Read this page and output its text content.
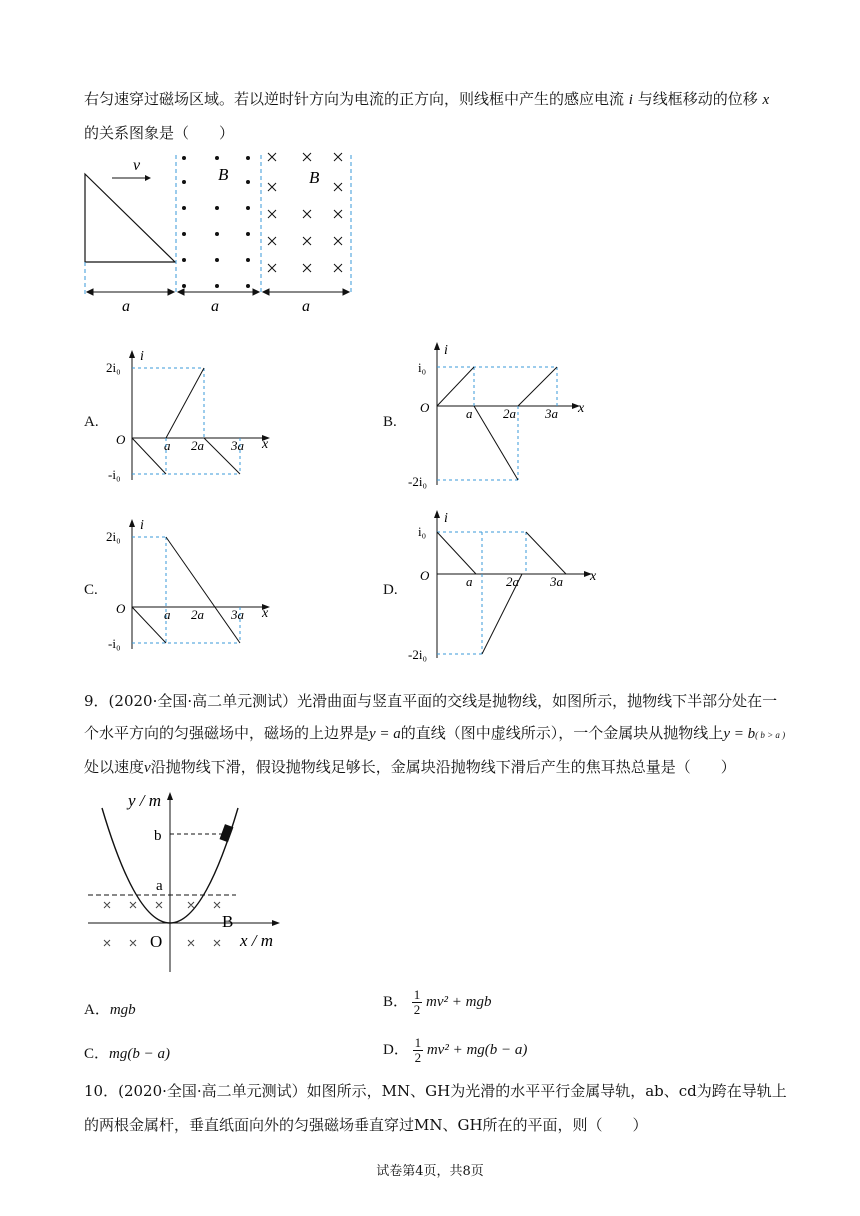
右匀速穿过磁场区域。若以逆时针方向为电流的正方向，则线框中产生的感应电流 i 与线框移动的位移 x
的关系图象是（　　）
v	B	B
a	a	a
A.
i
x
2i₀
O	a 2a 3a
-i₀
B.
i
x
i₀
O	a 2a 3a
-2i₀
C.
i
x
2i₀
O	a 2a 3a
-i₀
D.
i
x
i₀
O	a	2a 3a
-2i₀
9．(2020·全国·高二单元测试）光滑曲面与竖直平面的交线是抛物线，如图所示，抛物线下半部分处在一
个水平方向的匀强磁场中，磁场的上边界是y = a的直线（图中虚线所示），一个金属块从抛物线上y = b( b > a )
处以速度v沿抛物线下滑，假设抛物线足够长，金属块沿抛物线下滑后产生的焦耳热总量是（　　）
y / m
x / m
b
a
O
B
A．mgb
B． $\frac{1}{2} mv^2$ + mgb
C．mg(b − a)	D． $\frac{1}{2} mv^2 + mg(b - a)$
10．(2020·全国·高二单元测试）如图所示，MN、GH为光滑的水平平行金属导轨，ab、cd为跨在导轨上
的两根金属杆，垂直纸面向外的匀强磁场垂直穿过MN、GH所在的平面，则（　　）
试卷第4页，共8页
